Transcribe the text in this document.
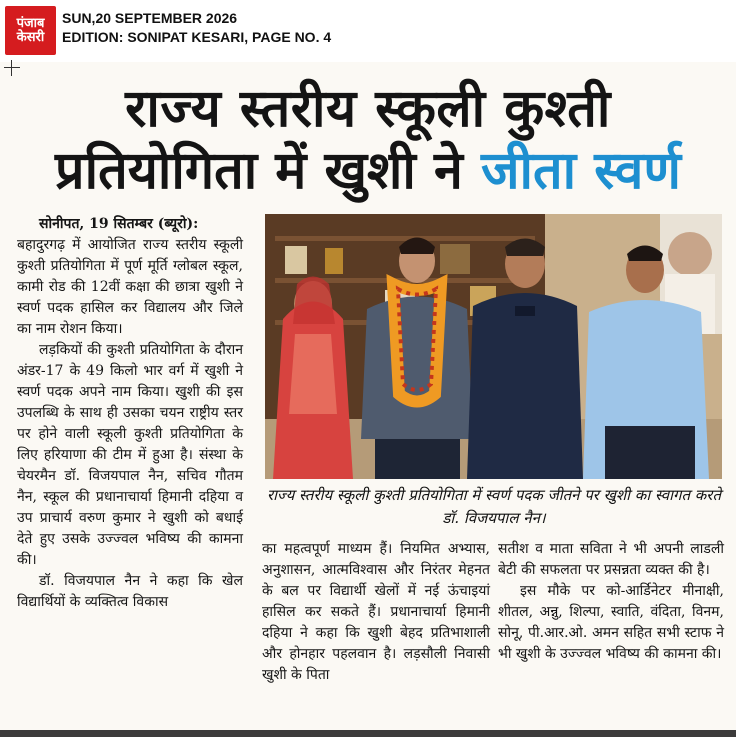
पंजाब
केसरी
SUN,20 SEPTEMBER 2026
EDITION: SONIPAT KESARI, PAGE NO. 4
राज्य स्तरीय स्कूली कुश्ती
प्रतियोगिता में खुशी ने जीता स्वर्ण

सोनीपत, 19 सितम्बर (ब्यूरो):

बहादुरगढ़ में आयोजित राज्य स्तरीय स्कूली कुश्ती प्रतियोगिता में पूर्ण मूर्ति ग्लोबल स्कूल, कामी रोड की 12वीं कक्षा की छात्रा खुशी ने स्वर्ण पदक हासिल कर विद्यालय और जिले का नाम रोशन किया।

लड़कियों की कुश्ती प्रतियोगिता के दौरान अंडर-17 के 49 किलो भार वर्ग में खुशी ने स्वर्ण पदक अपने नाम किया। खुशी की इस उपलब्धि के साथ ही उसका चयन राष्ट्रीय स्तर पर होने वाली स्कूली कुश्ती प्रतियोगिता के लिए हरियाणा की टीम में हुआ है। संस्था के चेयरमैन डॉ. विजयपाल नैन, सचिव गौतम नैन, स्कूल की प्रधानाचार्या हिमानी दहिया व उप प्राचार्य वरुण कुमार ने खुशी को बधाई देते हुए उसके उज्ज्वल भविष्य की कामना की।

डॉ. विजयपाल नैन ने कहा कि खेल विद्यार्थियों के व्यक्तित्व विकास

राज्य स्तरीय स्कूली कुश्ती प्रतियोगिता में स्वर्ण पदक जीतने पर खुशी का स्वागत करते डॉ. विजयपाल नैन।

का महत्वपूर्ण माध्यम हैं। नियमित अभ्यास, अनुशासन, आत्मविश्वास और निरंतर मेहनत के बल पर विद्यार्थी खेलों में नई ऊंचाइयां हासिल कर सकते हैं। प्रधानाचार्या हिमानी दहिया ने कहा कि खुशी बेहद प्रतिभाशाली और होनहार पहलवान है। लड़सौली निवासी खुशी के पिता

सतीश व माता सविता ने भी अपनी लाडली बेटी की सफलता पर प्रसन्नता व्यक्त की है।

इस मौके पर को-आर्डिनेटर मीनाक्षी, शीतल, अन्नु, शिल्पा, स्वाति, वंदिता, विनम, सोनू, पी.आर.ओ. अमन सहित सभी स्टाफ ने भी खुशी के उज्ज्वल भविष्य की कामना की।
